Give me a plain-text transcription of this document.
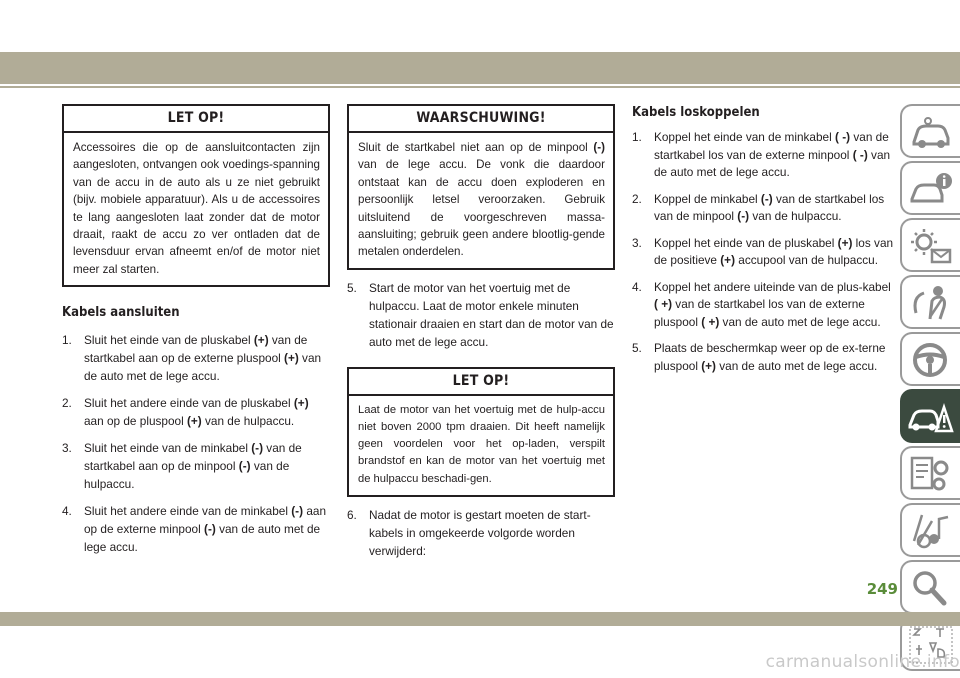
LET OP!
Accessoires die op de aansluitcontacten zijn aangesloten, ontvangen ook voedings-spanning van de accu in de auto als u ze niet gebruikt (bijv. mobiele apparatuur). Als u de accessoires te lang aangesloten laat zonder dat de motor draait, raakt de accu zo ver ontladen dat de levensduur ervan afneemt en/of de motor niet meer zal starten.
Kabels aansluiten
1. Sluit het einde van de pluskabel (+) van de startkabel aan op de externe pluspool (+) van de auto met de lege accu.
2. Sluit het andere einde van de pluskabel (+) aan op de pluspool (+) van de hulpaccu.
3. Sluit het einde van de minkabel (-) van de startkabel aan op de minpool (-) van de hulpaccu.
4. Sluit het andere einde van de minkabel (-) aan op de externe minpool (-) van de auto met de lege accu.
WAARSCHUWING!
Sluit de startkabel niet aan op de minpool (-) van de lege accu. De vonk die daardoor ontstaat kan de accu doen exploderen en persoonlijk letsel veroorzaken. Gebruik uitsluitend de voorgeschreven massa-aansluiting; gebruik geen andere blootlig-gende metalen onderdelen.
5. Start de motor van het voertuig met de hulpaccu. Laat de motor enkele minuten stationair draaien en start dan de motor van de auto met de lege accu.
LET OP!
Laat de motor van het voertuig met de hulp-accu niet boven 2000 tpm draaien. Dit heeft namelijk geen voordelen voor het op-laden, verspilt brandstof en kan de motor van het voertuig met de hulpaccu beschadi-gen.
6. Nadat de motor is gestart moeten de start-kabels in omgekeerde volgorde worden verwijderd:
Kabels loskoppelen
1. Koppel het einde van de minkabel ( -) van de startkabel los van de externe minpool ( -) van de auto met de lege accu.
2. Koppel de minkabel (-) van de startkabel los van de minpool (-) van de hulpaccu.
3. Koppel het einde van de pluskabel (+) los van de positieve (+) accupool van de hulpaccu.
4. Koppel het andere uiteinde van de plus-kabel ( +) van de startkabel los van de externe pluspool ( +) van de auto met de lege accu.
5. Plaats de beschermkap weer op de ex-terne pluspool (+) van de auto met de lege accu.
249
carmanualsonline.info
